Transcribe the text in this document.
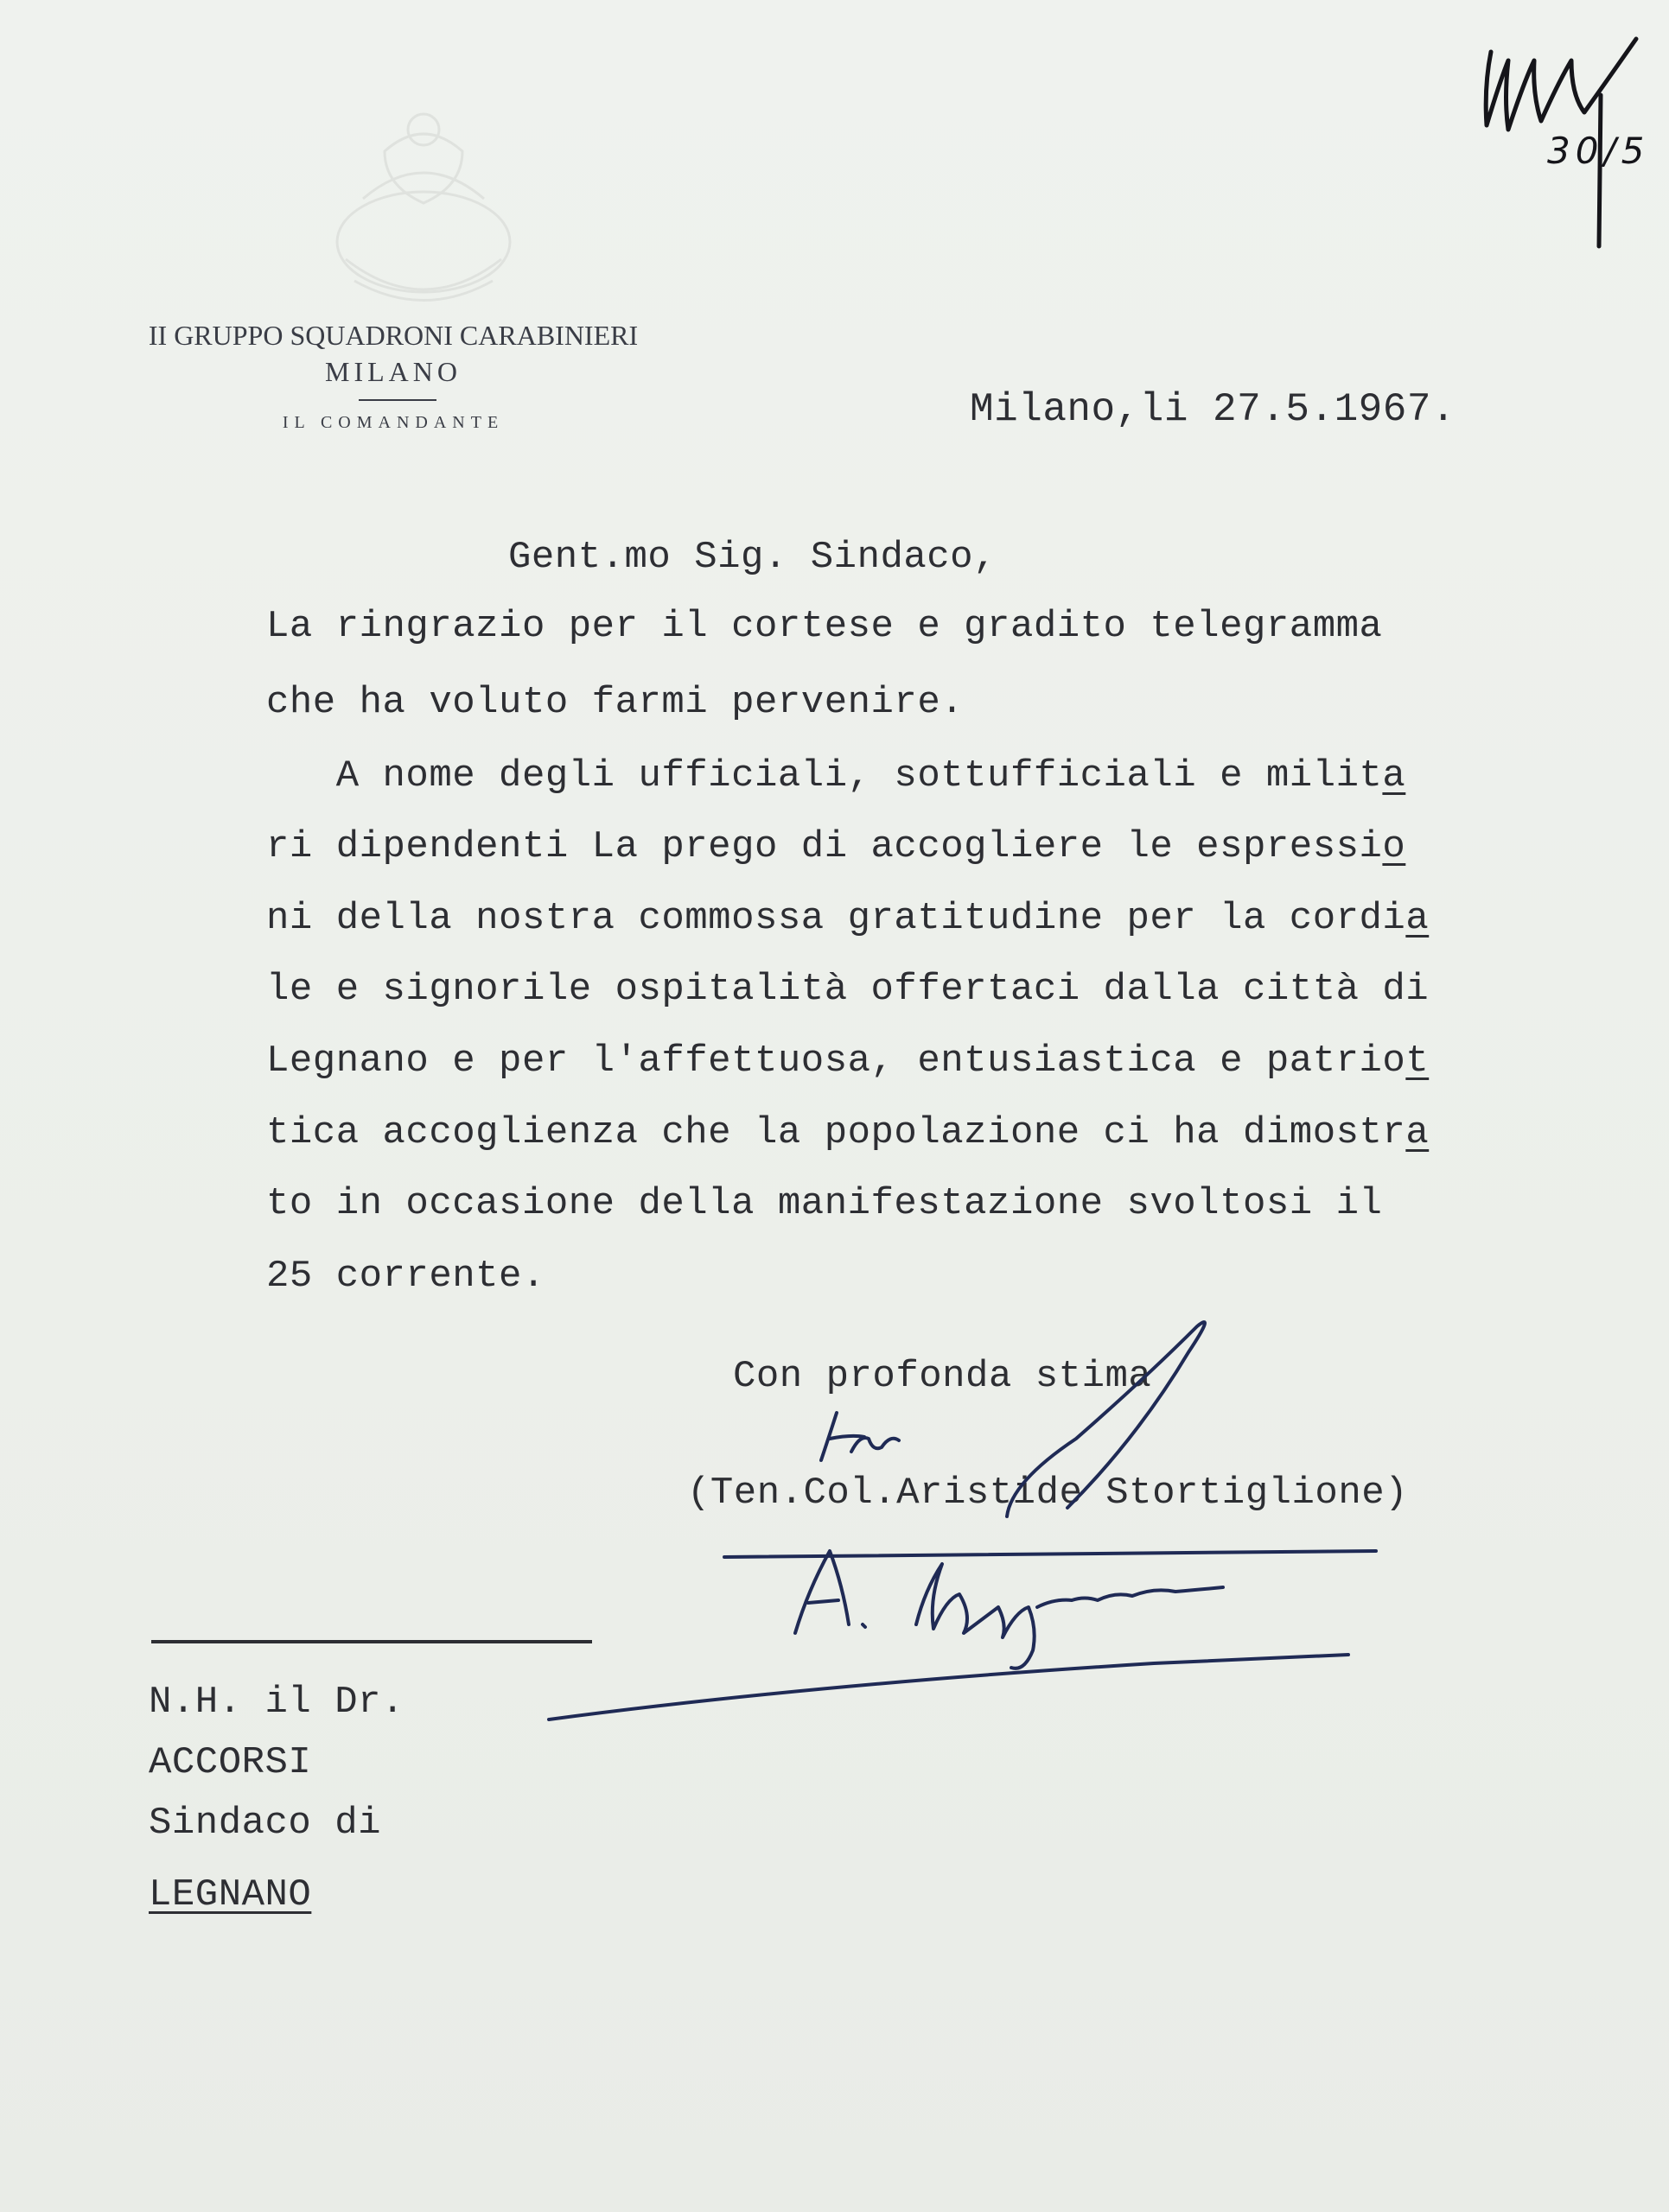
II GRUPPO SQUADRONI CARABINIERI
MILANO
IL COMANDANTE
30/5
Milano,li 27.5.1967.
Gent.mo Sig. Sindaco,

La ringrazio per il cortese e gradito telegramma

che ha voluto farmi pervenire.

A nome degli ufficiali, sottufficiali e milita

ri dipendenti La prego di accogliere le espressio

ni della nostra commossa gratitudine per la cordia

le e signorile ospitalità offertaci dalla città di

Legnano e per l'affettuosa, entusiastica e patriot

tica accoglienza che la popolazione ci ha dimostra

to in occasione della manifestazione svoltosi il

25 corrente.

Con profonda stima
(Ten.Col.Aristide Stortiglione)
N.H. il Dr.
ACCORSI
Sindaco di
LEGNANO
